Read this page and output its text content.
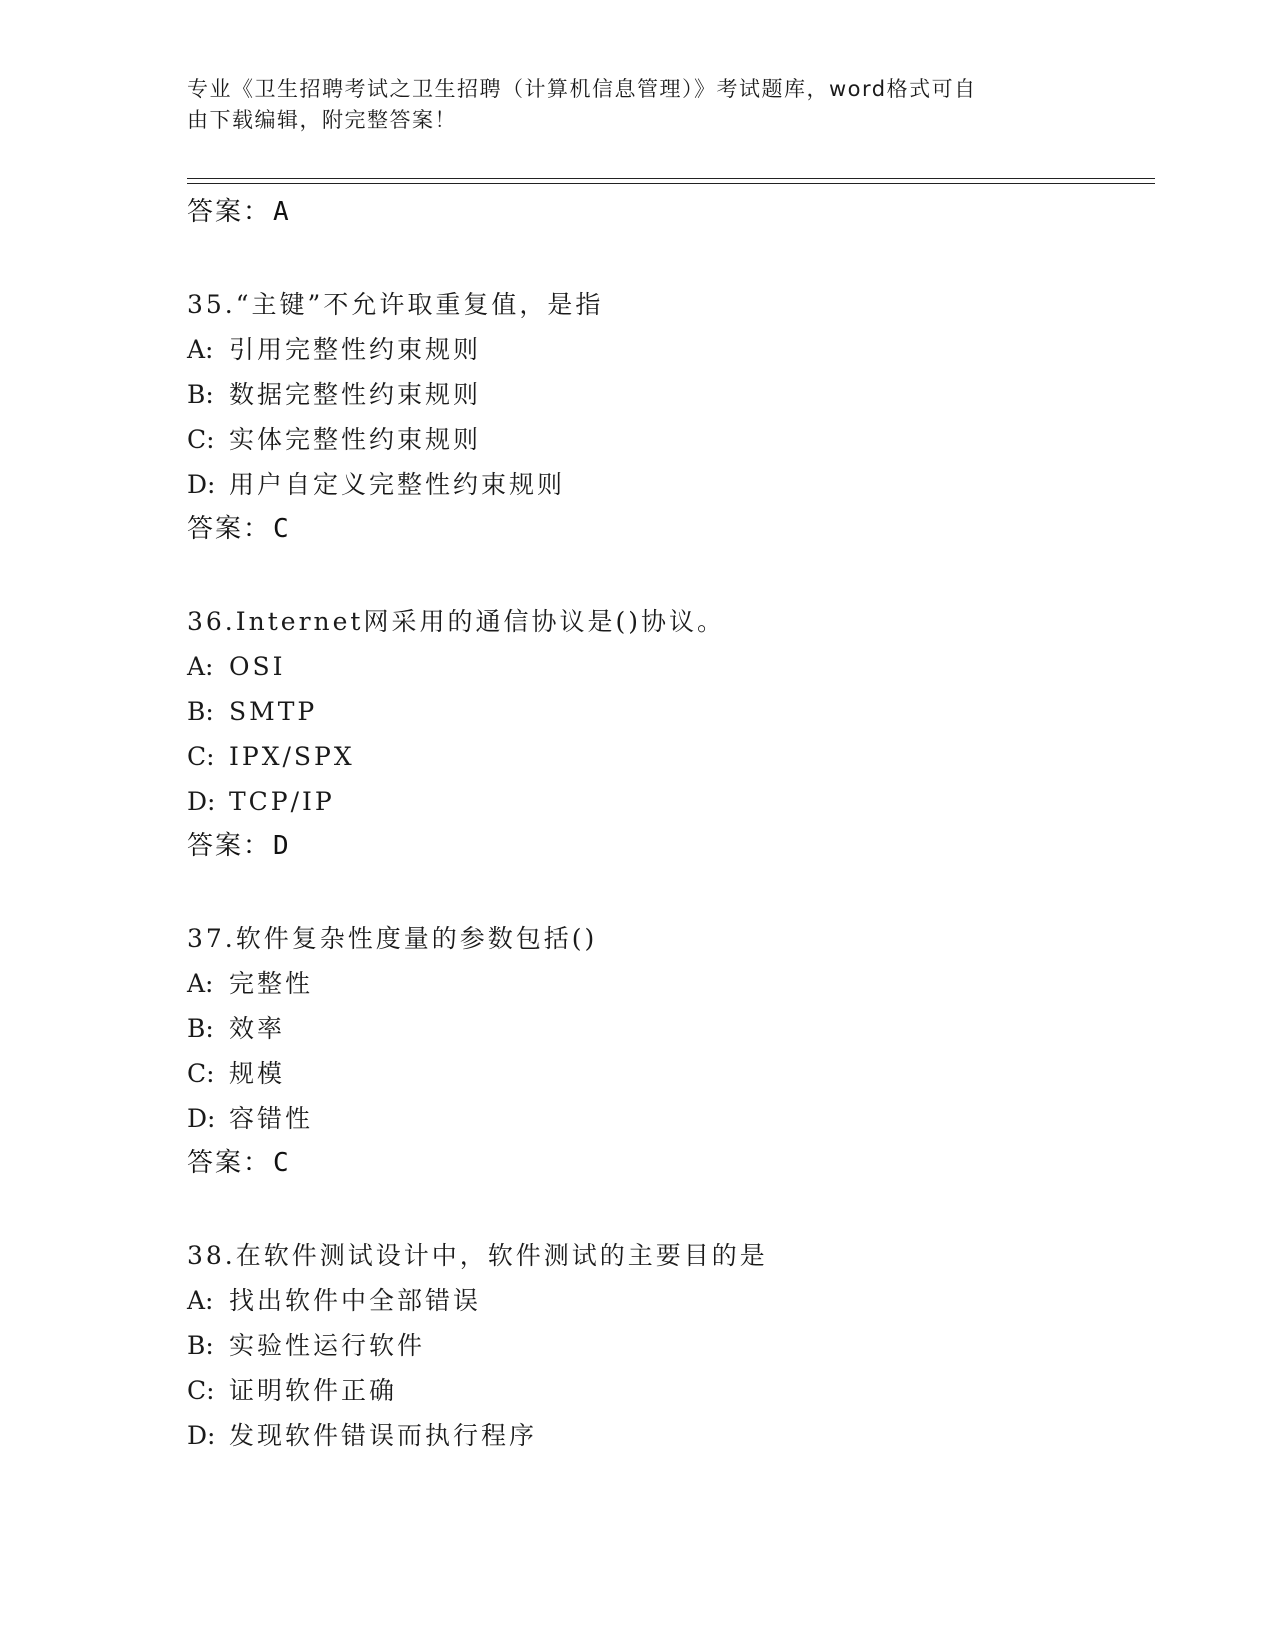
专业《卫生招聘考试之卫生招聘（计算机信息管理）》考试题库，word格式可自
由下载编辑，附完整答案！
答案：A
35.“主键”不允许取重复值，是指
A: 引用完整性约束规则
B: 数据完整性约束规则
C: 实体完整性约束规则
D: 用户自定义完整性约束规则
答案：C
36.Internet网采用的通信协议是()协议。
A: OSI
B: SMTP
C: IPX/SPX
D: TCP/IP
答案：D
37.软件复杂性度量的参数包括()
A: 完整性
B: 效率
C: 规模
D: 容错性
答案：C
38.在软件测试设计中，软件测试的主要目的是
A: 找出软件中全部错误
B: 实验性运行软件
C: 证明软件正确
D: 发现软件错误而执行程序
